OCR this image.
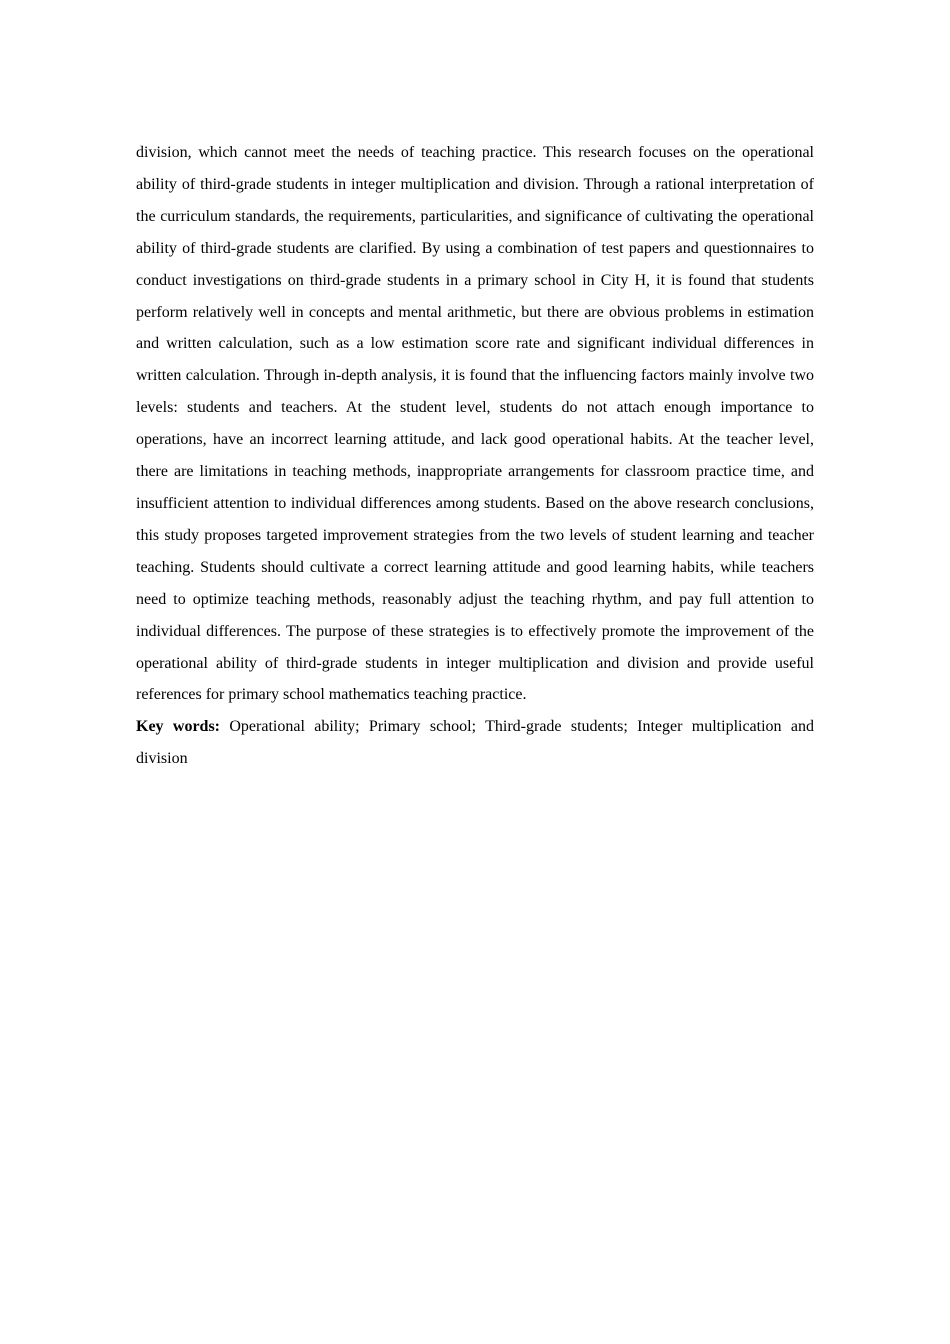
division, which cannot meet the needs of teaching practice. This research focuses on the operational ability of third-grade students in integer multiplication and division. Through a rational interpretation of the curriculum standards, the requirements, particularities, and significance of cultivating the operational ability of third-grade students are clarified. By using a combination of test papers and questionnaires to conduct investigations on third-grade students in a primary school in City H, it is found that students perform relatively well in concepts and mental arithmetic, but there are obvious problems in estimation and written calculation, such as a low estimation score rate and significant individual differences in written calculation. Through in-depth analysis, it is found that the influencing factors mainly involve two levels: students and teachers. At the student level, students do not attach enough importance to operations, have an incorrect learning attitude, and lack good operational habits. At the teacher level, there are limitations in teaching methods, inappropriate arrangements for classroom practice time, and insufficient attention to individual differences among students. Based on the above research conclusions, this study proposes targeted improvement strategies from the two levels of student learning and teacher teaching. Students should cultivate a correct learning attitude and good learning habits, while teachers need to optimize teaching methods, reasonably adjust the teaching rhythm, and pay full attention to individual differences. The purpose of these strategies is to effectively promote the improvement of the operational ability of third-grade students in integer multiplication and division and provide useful references for primary school mathematics teaching practice.

Key words: Operational ability; Primary school; Third-grade students; Integer multiplication and division
